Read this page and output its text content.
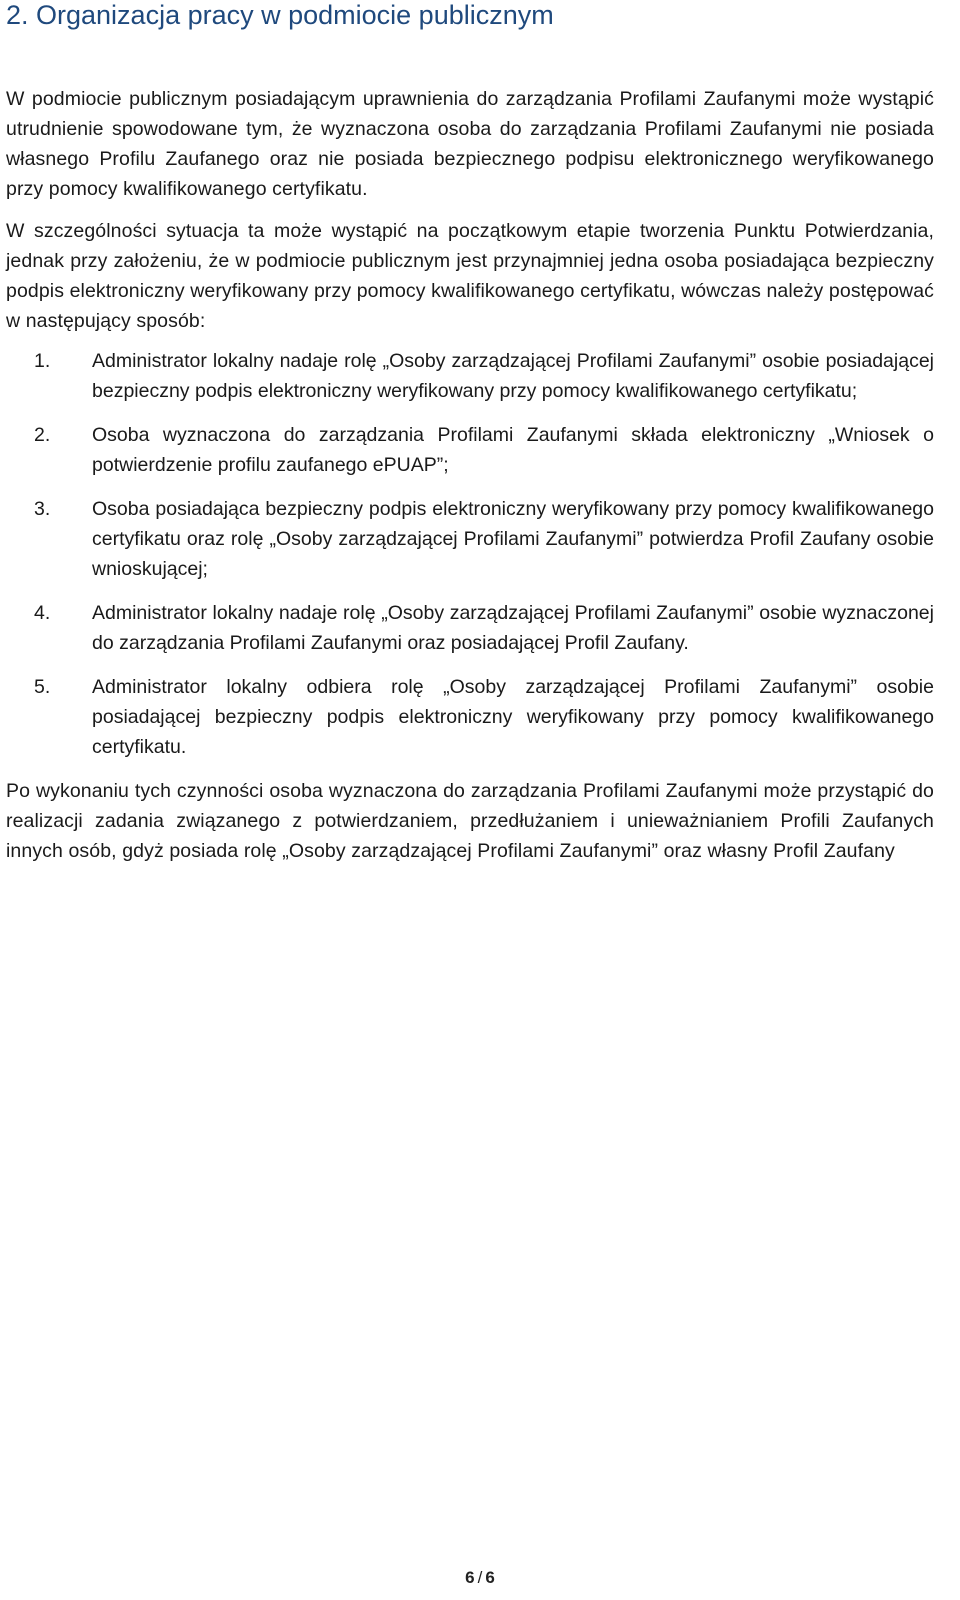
2. Organizacja pracy w podmiocie publicznym

W podmiocie publicznym posiadającym uprawnienia do zarządzania Profilami Zaufanymi może wystąpić utrudnienie spowodowane tym, że wyznaczona osoba do zarządzania Profilami Zaufanymi nie posiada własnego Profilu Zaufanego oraz nie posiada bezpiecznego podpisu elektronicznego weryfikowanego przy pomocy kwalifikowanego certyfikatu.

W szczególności sytuacja ta może wystąpić na początkowym etapie tworzenia Punktu Potwierdzania, jednak przy założeniu, że w podmiocie publicznym jest przynajmniej jedna osoba posiadająca bezpieczny podpis elektroniczny weryfikowany przy pomocy kwalifikowanego certyfikatu, wówczas należy postępować w następujący sposób:

1. Administrator lokalny nadaje rolę „Osoby zarządzającej Profilami Zaufanymi” osobie posiadającej bezpieczny podpis elektroniczny weryfikowany przy pomocy kwalifikowanego certyfikatu;
2. Osoba wyznaczona do zarządzania Profilami Zaufanymi składa elektroniczny „Wniosek o potwierdzenie profilu zaufanego ePUAP”;
3. Osoba posiadająca bezpieczny podpis elektroniczny weryfikowany przy pomocy kwalifikowanego certyfikatu oraz rolę „Osoby zarządzającej Profilami Zaufanymi” potwierdza Profil Zaufany osobie wnioskującej;
4. Administrator lokalny nadaje rolę „Osoby zarządzającej Profilami Zaufanymi” osobie wyznaczonej do zarządzania Profilami Zaufanymi oraz posiadającej Profil Zaufany.
5. Administrator lokalny odbiera rolę „Osoby zarządzającej Profilami Zaufanymi” osobie posiadającej bezpieczny podpis elektroniczny weryfikowany przy pomocy kwalifikowanego certyfikatu.

Po wykonaniu tych czynności osoba wyznaczona do zarządzania Profilami Zaufanymi może przystąpić do realizacji zadania związanego z potwierdzaniem, przedłużaniem i unieważnianiem Profili Zaufanych innych osób, gdyż posiada rolę „Osoby zarządzającej Profilami Zaufanymi” oraz własny Profil Zaufany

6 / 6
